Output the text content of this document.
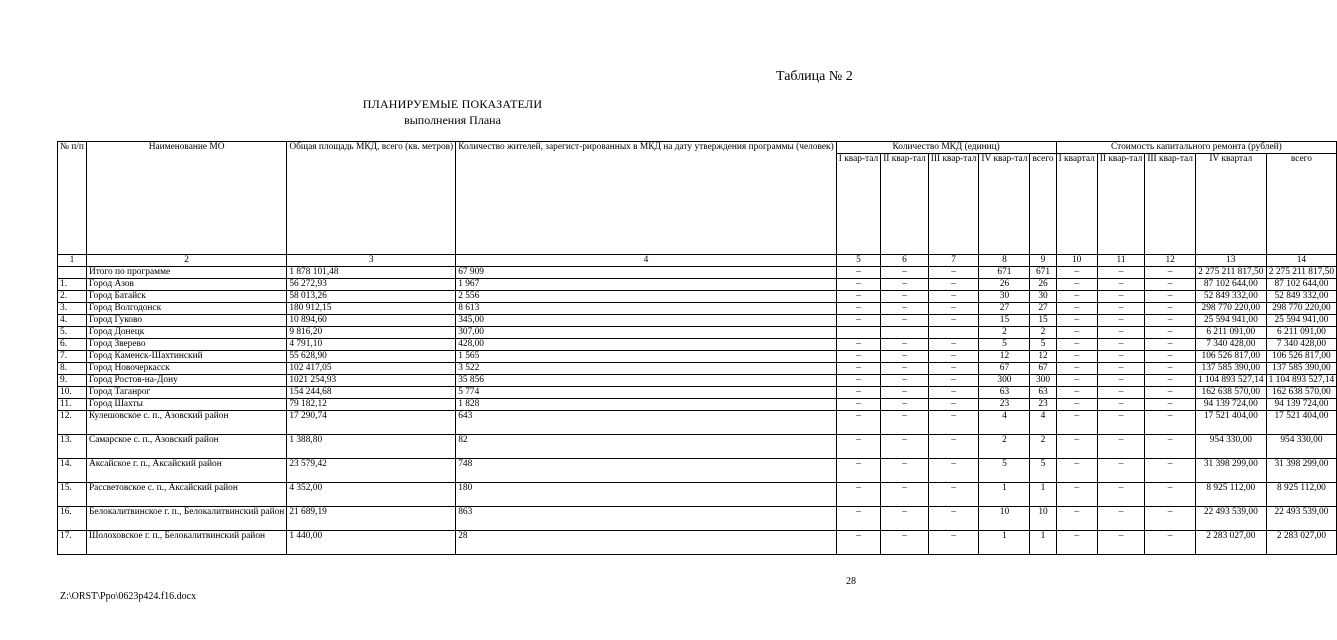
Таблица № 2
ПЛАНИРУЕМЫЕ ПОКАЗАТЕЛИ
выполнения Плана
№ п/п	Наименование МО	Общая площадь МКД, всего (кв. метров)	Количество жителей, зарегист-рированных в МКД на дату утверждения программы (человек)	Количество МКД (единиц)					Стоимость капитального ремонта (рублей)				
				I квар-тал	II квар-тал	III квар-тал	IV квар-тал	всего	I квартал	II квар-тал	III квар-тал	IV квартал	всего
1	2	3	4	5	6	7	8	9	10	11	12	13	14
	Итого по программе	1 878 101,48	67 909	–	–	–	671	671	–	–	–	2 275 211 817,50	2 275 211 817,50
1.	Город Азов	56 272,93	1 967	–	–	–	26	26	–	–	–	87 102 644,00	87 102 644,00
2.	Город Батайск	58 013,26	2 556	–	–	–	30	30	–	–	–	52 849 332,00	52 849 332,00
3.	Город Волгодонск	180 912,15	8 613	–	–	–	27	27	–	–	–	298 770 220,00	298 770 220,00
4.	Город Гуково	10 894,60	345,00	–	–	–	15	15	–	–	–	25 594 941,00	25 594 941,00
5.	Город Донецк	9 816,20	307,00				2	2	–	–	–	6 211 091,00	6 211 091,00
6.	Город Зверево	4 791,10	428,00	–	–	–	5	5	–	–	–	7 340 428,00	7 340 428,00
7.	Город Каменск-Шахтинский	55 628,90	1 565	–	–	–	12	12	–	–	–	106 526 817,00	106 526 817,00
8.	Город Новочеркасск	102 417,05	3 522	–	–	–	67	67	–	–	–	137 585 390,00	137 585 390,00
9.	Город Ростов-на-Дону	1021 254,93	35 856	–	–	–	300	300	–	–	–	1 104 893 527,14	1 104 893 527,14
10.	Город Таганрог	154 244,68	5 774	–	–	–	63	63	–	–	–	162 638 570,00	162 638 570,00
11.	Город Шахты	79 182,12	1 828	–	–	–	23	23	–	–	–	94 139 724,00	94 139 724,00
12.	Кулешовское с. п., Азовский район	17 290,74	643	–	–	–	4	4	–	–	–	17 521 404,00	17 521 404,00
13.	Самарское с. п., Азовский район	1 388,80	82	–	–	–	2	2	–	–	–	954 330,00	954 330,00
14.	Аксайское г. п., Аксайский район	23 579,42	748	–	–	–	5	5	–	–	–	31 398 299,00	31 398 299,00
15.	Рассветовское с. п., Аксайский район	4 352,00	180	–	–	–	1	1	–	–	–	8 925 112,00	8 925 112,00
16.	Белокалитвинское г. п., Белокалитвинский район	21 689,19	863	–	–	–	10	10	–	–	–	22 493 539,00	22 493 539,00
17.	Шолоховское г. п., Белокалитвинский район	1 440,00	28	–	–	–	1	1	–	–	–	2 283 027,00	2 283 027,00
28
Z:\ORST\Ppo\0623p424.f16.docx
